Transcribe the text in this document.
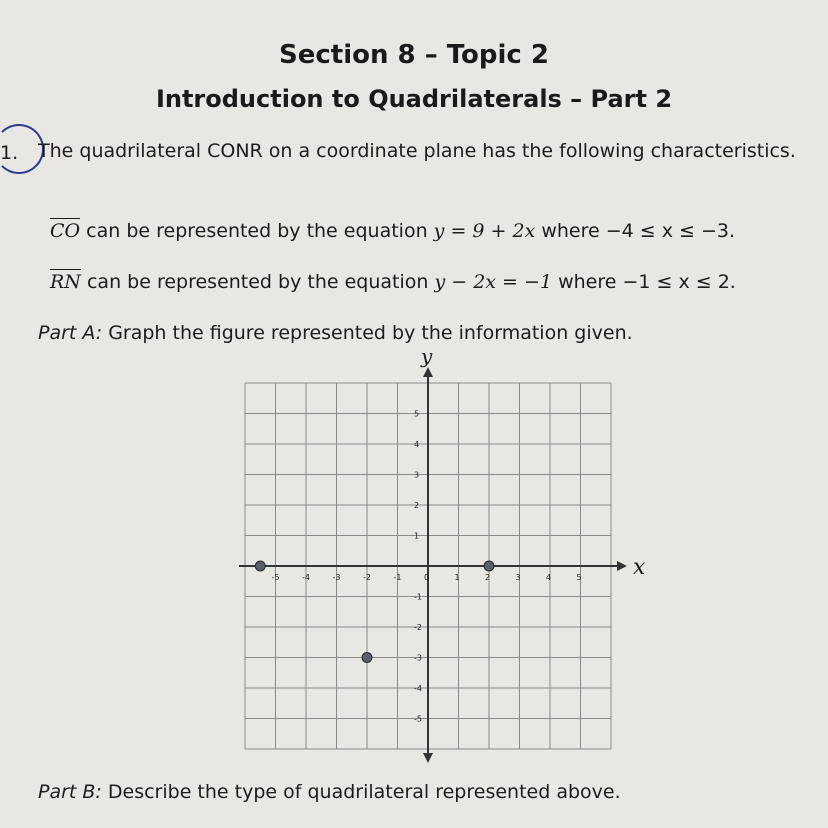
Section 8 – Topic 2
Introduction to Quadrilaterals – Part 2
1. The quadrilateral CONR on a coordinate plane has the following characteristics.
CO can be represented by the equation y = 9 + 2x where −4 ≤ x ≤ −3.
RN can be represented by the equation y − 2x = −1 where −1 ≤ x ≤ 2.
Part A: Graph the figure represented by the information given.
x
y
-5	-4	-3	-2	-1	0	1	2	3	4	5
5
4
3
2
1
-1
-2
-3
-4
-5
Part B: Describe the type of quadrilateral represented above.
